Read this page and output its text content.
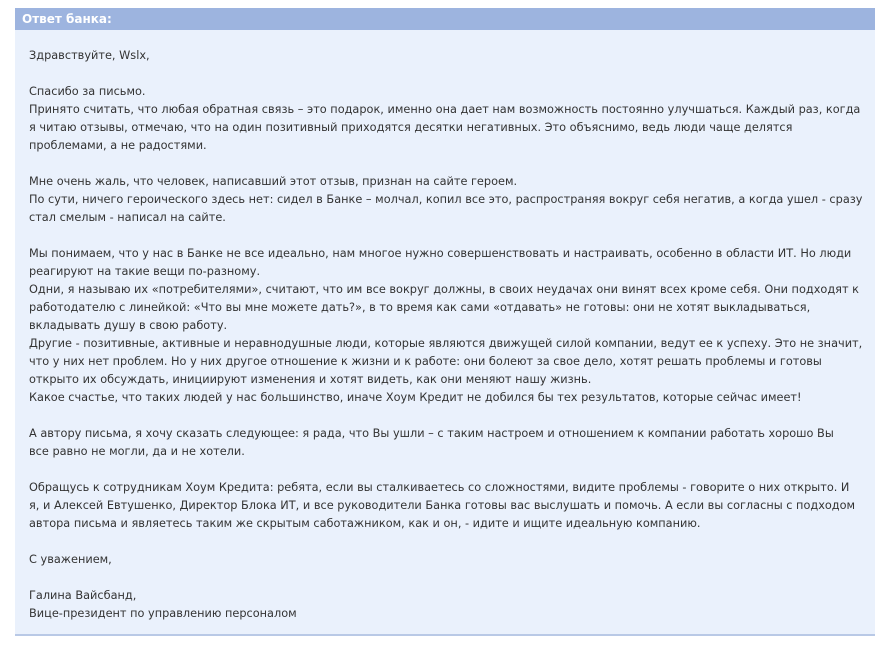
Ответ банка:

Здравствуйте, Wslx,

Спасибо за письмо.
Принято считать, что любая обратная связь – это подарок, именно она дает нам возможность постоянно улучшаться. Каждый раз, когда
я читаю отзывы, отмечаю, что на один позитивный приходятся десятки негативных. Это объяснимо, ведь люди чаще делятся
проблемами, а не радостями.

Мне очень жаль, что человек, написавший этот отзыв, признан на сайте героем.
По сути, ничего героического здесь нет: сидел в Банке – молчал, копил все это, распространяя вокруг себя негатив, а когда ушел - сразу
стал смелым - написал на сайте.

Мы понимаем, что у нас в Банке не все идеально, нам многое нужно совершенствовать и настраивать, особенно в области ИТ. Но люди
реагируют на такие вещи по-разному.
Одни, я называю их «потребителями», считают, что им все вокруг должны, в своих неудачах они винят всех кроме себя. Они подходят к
работодателю с линейкой: «Что вы мне можете дать?», в то время как сами «отдавать» не готовы: они не хотят выкладываться,
вкладывать душу в свою работу.
Другие - позитивные, активные и неравнодушные люди, которые являются движущей силой компании, ведут ее к успеху. Это не значит,
что у них нет проблем. Но у них другое отношение к жизни и к работе: они болеют за свое дело, хотят решать проблемы и готовы
открыто их обсуждать, инициируют изменения и хотят видеть, как они меняют нашу жизнь.
Какое счастье, что таких людей у нас большинство, иначе Хоум Кредит не добился бы тех результатов, которые сейчас имеет!

А автору письма, я хочу сказать следующее: я рада, что Вы ушли – с таким настроем и отношением к компании работать хорошо Вы
все равно не могли, да и не хотели.

Обращусь к сотрудникам Хоум Кредита: ребята, если вы сталкиваетесь со сложностями, видите проблемы - говорите о них открыто. И
я, и Алексей Евтушенко, Директор Блока ИТ, и все руководители Банка готовы вас выслушать и помочь. А если вы согласны с подходом
автора письма и являетесь таким же скрытым саботажником, как и он, - идите и ищите идеальную компанию.

С уважением,

Галина Вайсбанд,
Вице-президент по управлению персоналом
